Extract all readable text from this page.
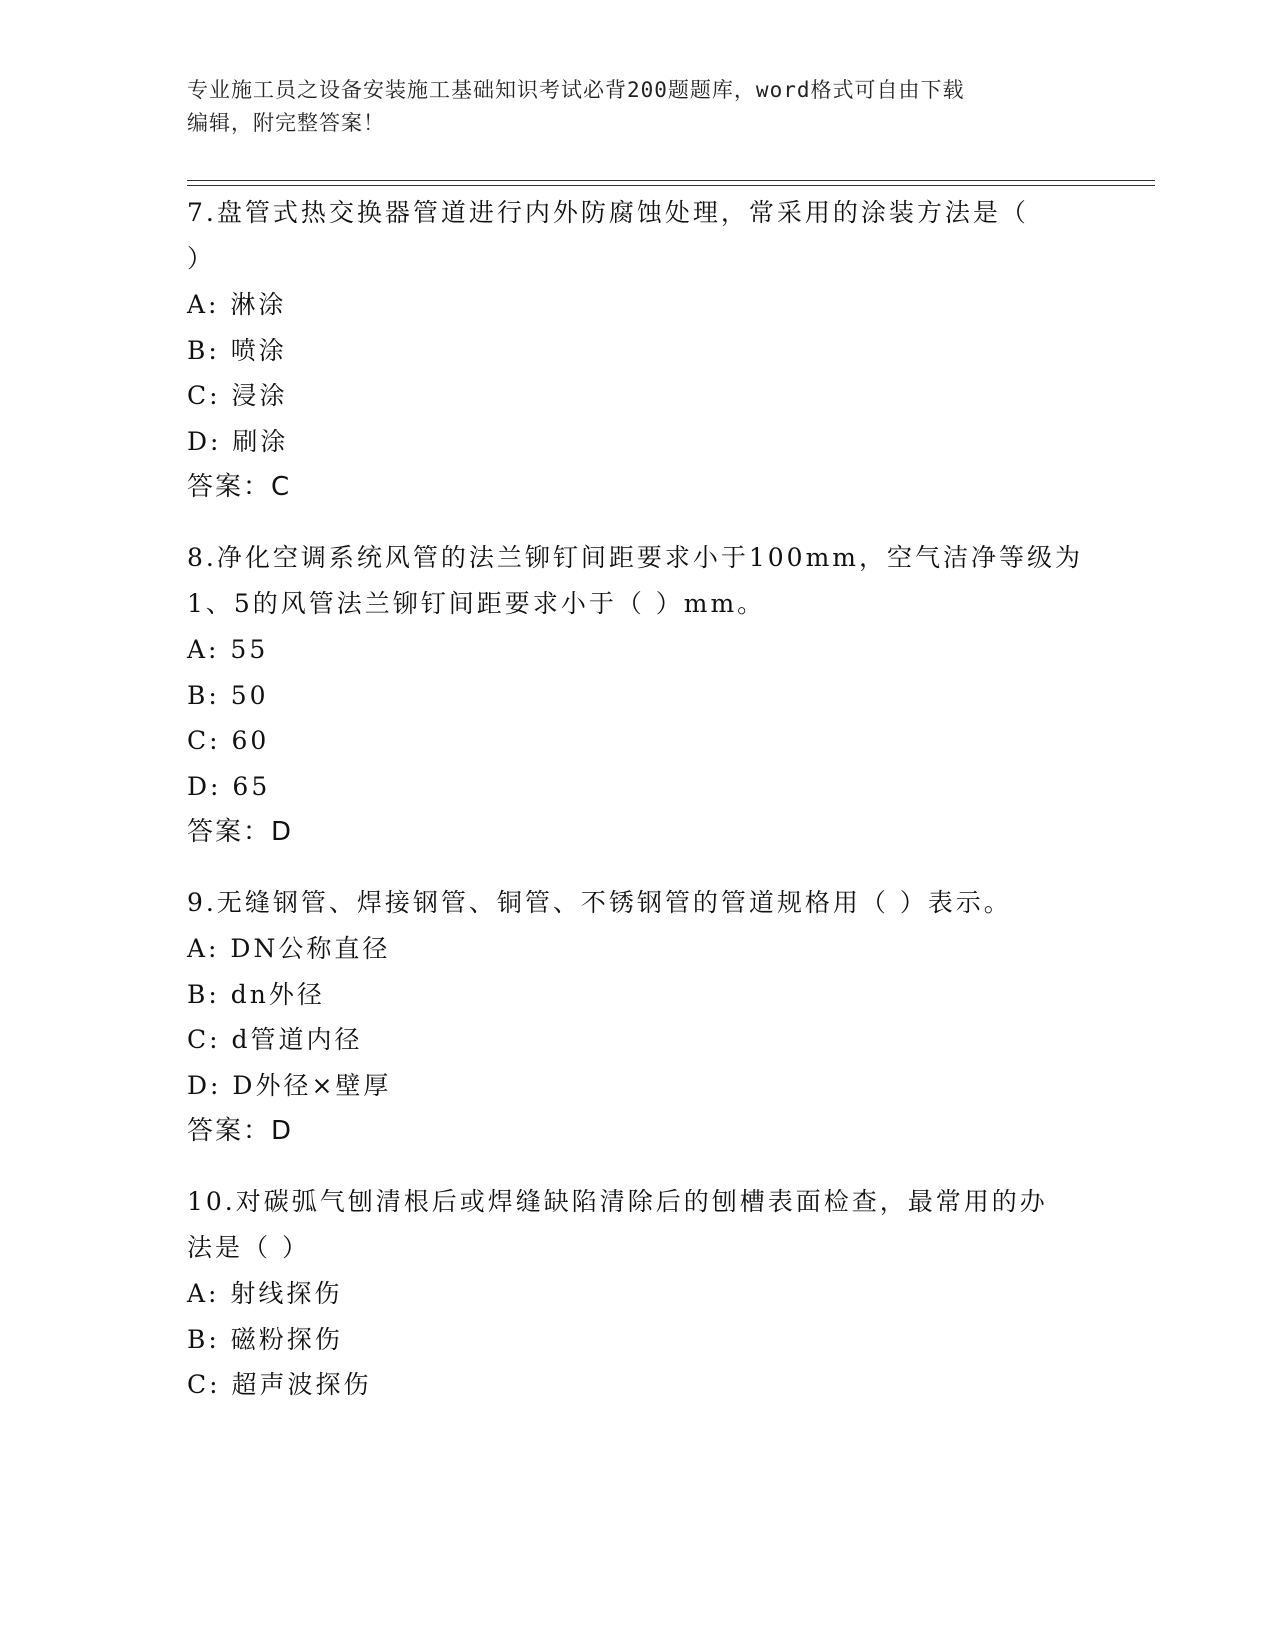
专业施工员之设备安装施工基础知识考试必背200题题库，word格式可自由下载
编辑，附完整答案！
7.盘管式热交换器管道进行内外防腐蚀处理，常采用的涂装方法是（
）
A: 淋涂
B: 喷涂
C: 浸涂
D: 刷涂
答案：C
8.净化空调系统风管的法兰铆钉间距要求小于100mm，空气洁净等级为
1、5的风管法兰铆钉间距要求小于（ ）mm。
A: 55
B: 50
C: 60
D: 65
答案：D
9.无缝钢管、焊接钢管、铜管、不锈钢管的管道规格用（ ）表示。
A: DN公称直径
B: dn外径
C: d管道内径
D: D外径×壁厚
答案：D
10.对碳弧气刨清根后或焊缝缺陷清除后的刨槽表面检查，最常用的办
法是（ ）
A: 射线探伤
B: 磁粉探伤
C: 超声波探伤
